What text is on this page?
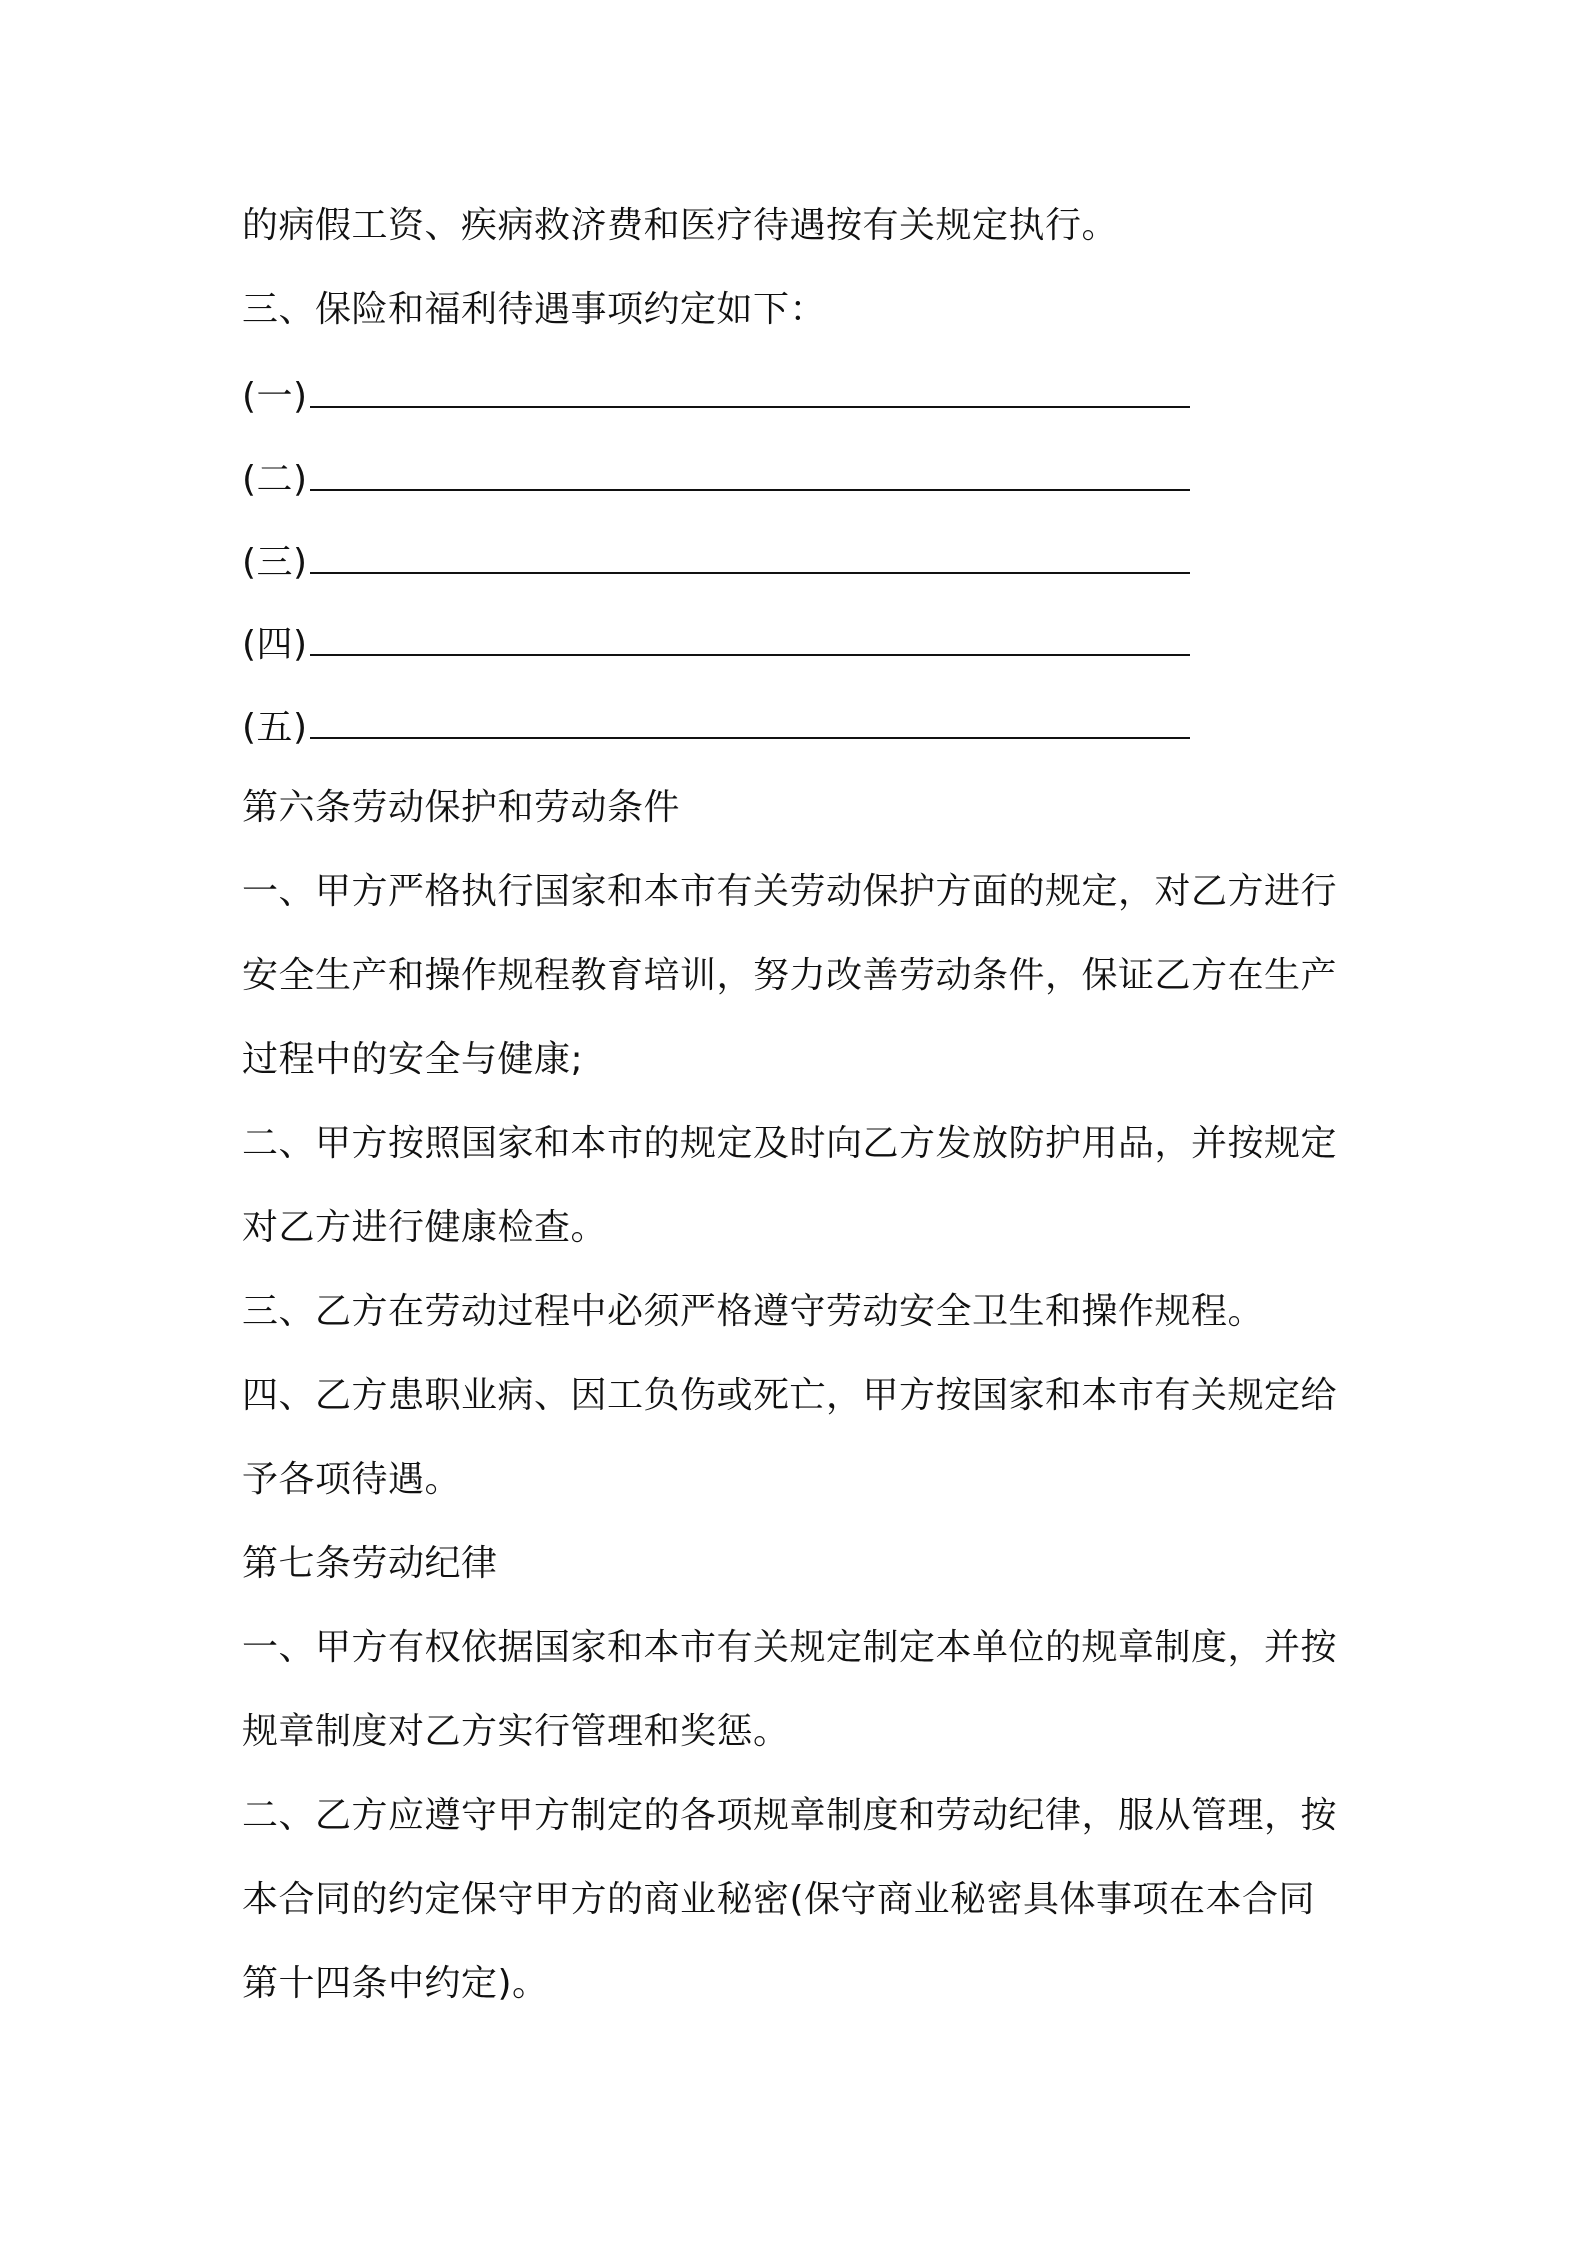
的病假工资、疾病救济费和医疗待遇按有关规定执行。
三、保险和福利待遇事项约定如下：
(一)
(二)
(三)
(四)
(五)
第六条劳动保护和劳动条件
一、甲方严格执行国家和本市有关劳动保护方面的规定，对乙方进行
安全生产和操作规程教育培训，努力改善劳动条件，保证乙方在生产
过程中的安全与健康;
二、甲方按照国家和本市的规定及时向乙方发放防护用品，并按规定
对乙方进行健康检查。
三、乙方在劳动过程中必须严格遵守劳动安全卫生和操作规程。
四、乙方患职业病、因工负伤或死亡，甲方按国家和本市有关规定给
予各项待遇。
第七条劳动纪律
一、甲方有权依据国家和本市有关规定制定本单位的规章制度，并按
规章制度对乙方实行管理和奖惩。
二、乙方应遵守甲方制定的各项规章制度和劳动纪律，服从管理，按
本合同的约定保守甲方的商业秘密(保守商业秘密具体事项在本合同
第十四条中约定)。
